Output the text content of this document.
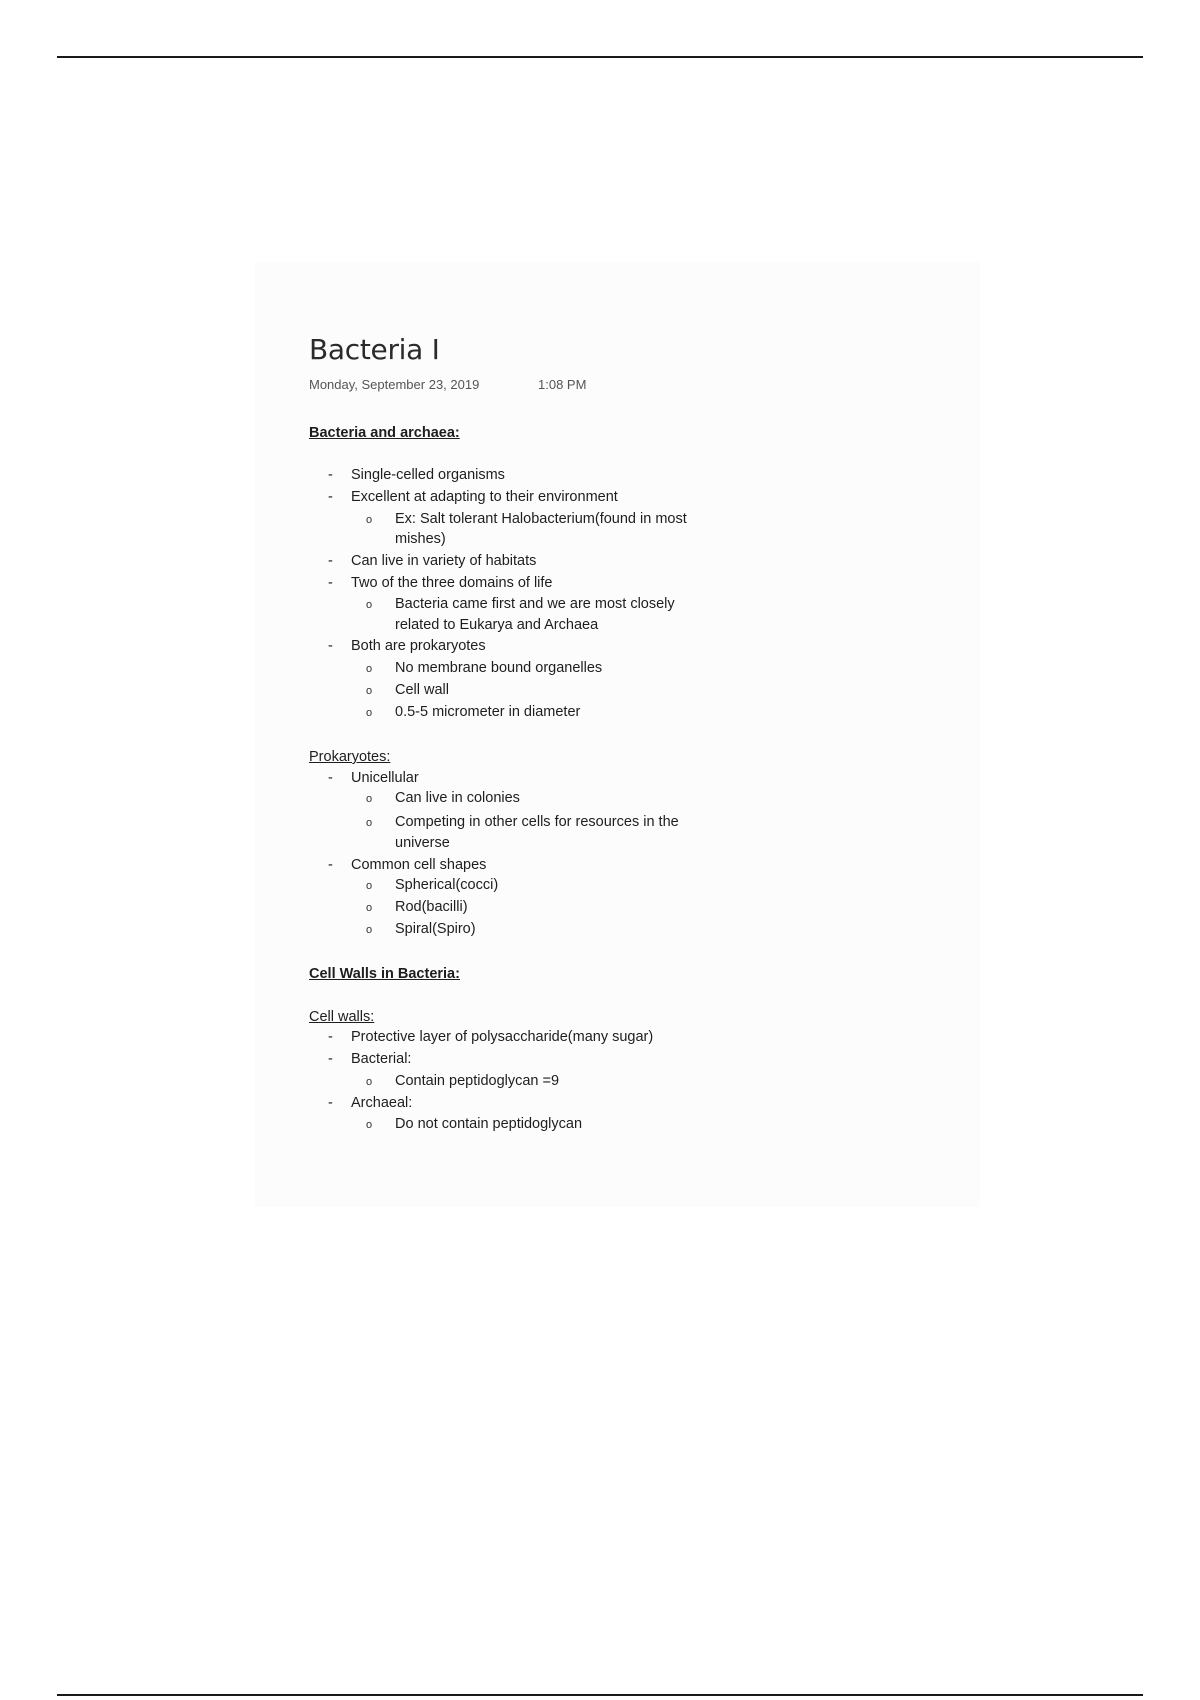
Bacteria I
Monday, September 23, 2019	1:08 PM
Bacteria and archaea:
- Single-celled organisms
- Excellent at adapting to their environment
o Ex: Salt tolerant Halobacterium(found in most
mishes)
- Can live in variety of habitats
- Two of the three domains of life
o Bacteria came first and we are most closely
related to Eukarya and Archaea
- Both are prokaryotes
o No membrane bound organelles
o Cell wall
o 0.5-5 micrometer in diameter
Prokaryotes:
- Unicellular
o Can live in colonies
o Competing in other cells for resources in the
universe
- Common cell shapes
o Spherical(cocci)
o Rod(bacilli)
o Spiral(Spiro)
Cell Walls in Bacteria:
Cell walls:
- Protective layer of polysaccharide(many sugar)
- Bacterial:
o Contain peptidoglycan =9
- Archaeal:
o Do not contain peptidoglycan
